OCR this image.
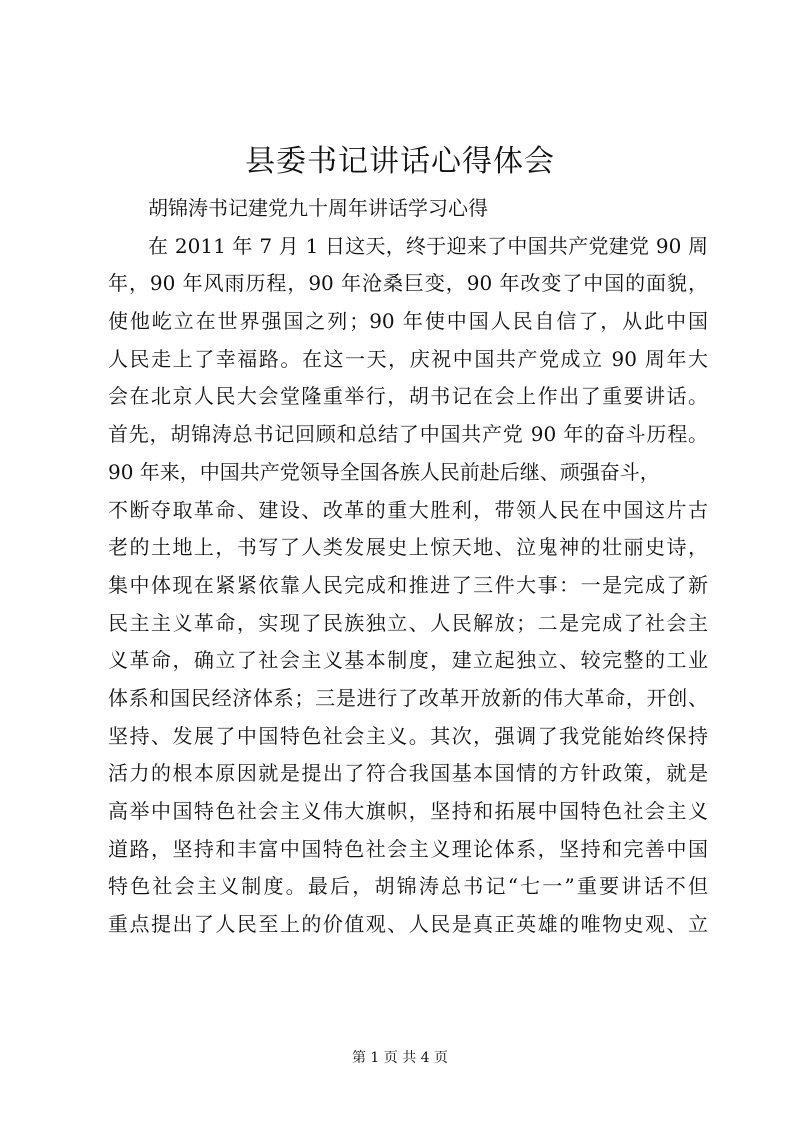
县委书记讲话心得体会
胡锦涛书记建党九十周年讲话学习心得
在 2011 年 7 月 1 日这天，终于迎来了中国共产党建党 90 周
年，90 年风雨历程，90 年沧桑巨变，90 年改变了中国的面貌，
使他屹立在世界强国之列；90 年使中国人民自信了，从此中国
人民走上了幸福路。在这一天，庆祝中国共产党成立 90 周年大
会在北京人民大会堂隆重举行，胡书记在会上作出了重要讲话。
首先，胡锦涛总书记回顾和总结了中国共产党 90 年的奋斗历程。
90 年来，中国共产党领导全国各族人民前赴后继、顽强奋斗，
不断夺取革命、建设、改革的重大胜利，带领人民在中国这片古
老的土地上，书写了人类发展史上惊天地、泣鬼神的壮丽史诗，
集中体现在紧紧依靠人民完成和推进了三件大事：一是完成了新
民主主义革命，实现了民族独立、人民解放；二是完成了社会主
义革命，确立了社会主义基本制度，建立起独立、较完整的工业
体系和国民经济体系；三是进行了改革开放新的伟大革命，开创、
坚持、发展了中国特色社会主义。其次，强调了我党能始终保持
活力的根本原因就是提出了符合我国基本国情的方针政策，就是
高举中国特色社会主义伟大旗帜，坚持和拓展中国特色社会主义
道路，坚持和丰富中国特色社会主义理论体系，坚持和完善中国
特色社会主义制度。最后，胡锦涛总书记“七一”重要讲话不但
重点提出了人民至上的价值观、人民是真正英雄的唯物史观、立
第 1 页 共 4 页
